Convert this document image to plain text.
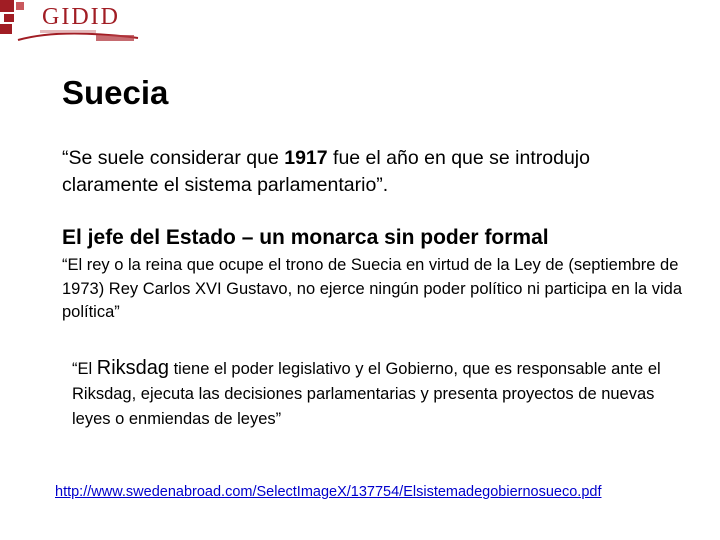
GIDID
Suecia

“Se suele considerar que 1917 fue el año en que se introdujo claramente el sistema parlamentario”.

El jefe del Estado – un monarca sin poder formal

“El rey o la reina que ocupe el trono de Suecia en virtud de la Ley de (septiembre de 1973) Rey Carlos XVI Gustavo, no ejerce ningún poder político ni participa en la vida política”

“El Riksdag tiene el poder legislativo y el Gobierno, que es responsable ante el Riksdag, ejecuta las decisiones parlamentarias y presenta proyectos de nuevas leyes o enmiendas de leyes”

http://www.swedenabroad.com/SelectImageX/137754/Elsistemadegobiernosueco.pdf
